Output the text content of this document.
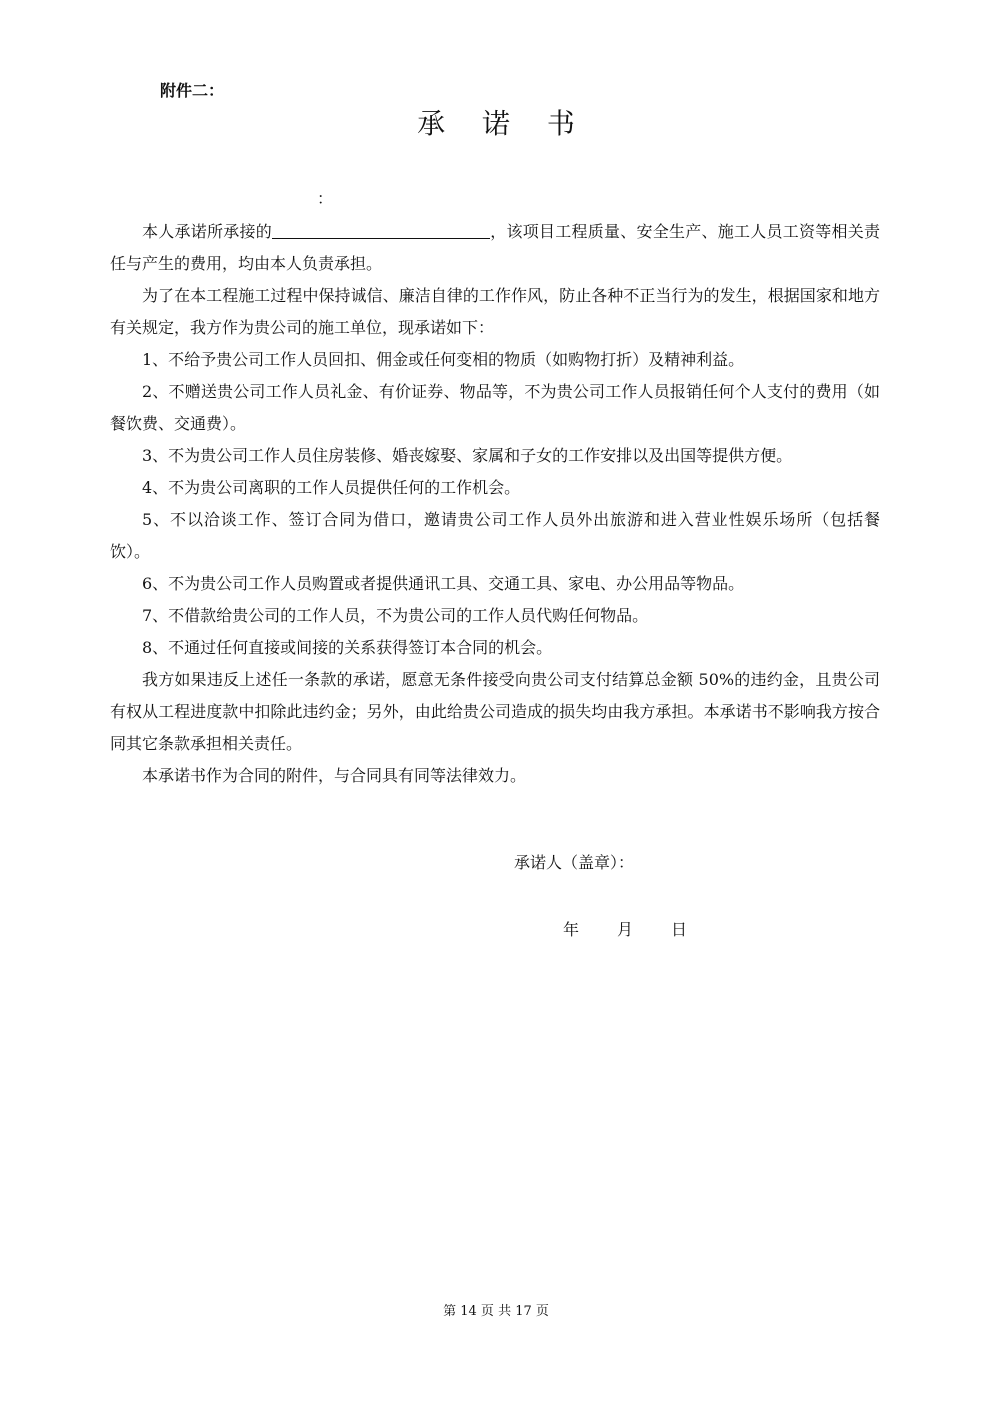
附件二：
承 诺 书
：

本人承诺所承接的	，该项目工程质量、安全生产、施工人员工资等相关责任与产生的费用，均由本人负责承担。

为了在本工程施工过程中保持诚信、廉洁自律的工作作风，防止各种不正当行为的发生，根据国家和地方有关规定，我方作为贵公司的施工单位，现承诺如下：

1、不给予贵公司工作人员回扣、佣金或任何变相的物质（如购物打折）及精神利益。

2、不赠送贵公司工作人员礼金、有价证券、物品等，不为贵公司工作人员报销任何个人支付的费用（如餐饮费、交通费）。

3、不为贵公司工作人员住房装修、婚丧嫁娶、家属和子女的工作安排以及出国等提供方便。

4、不为贵公司离职的工作人员提供任何的工作机会。

5、不以洽谈工作、签订合同为借口，邀请贵公司工作人员外出旅游和进入营业性娱乐场所（包括餐饮）。

6、不为贵公司工作人员购置或者提供通讯工具、交通工具、家电、办公用品等物品。

7、不借款给贵公司的工作人员，不为贵公司的工作人员代购任何物品。

8、不通过任何直接或间接的关系获得签订本合同的机会。

我方如果违反上述任一条款的承诺，愿意无条件接受向贵公司支付结算总金额 50%的违约金，且贵公司有权从工程进度款中扣除此违约金；另外，由此给贵公司造成的损失均由我方承担。本承诺书不影响我方按合同其它条款承担相关责任。

本承诺书作为合同的附件，与合同具有同等法律效力。

承诺人（盖章）：
年 月 日
第 14 页 共 17 页
